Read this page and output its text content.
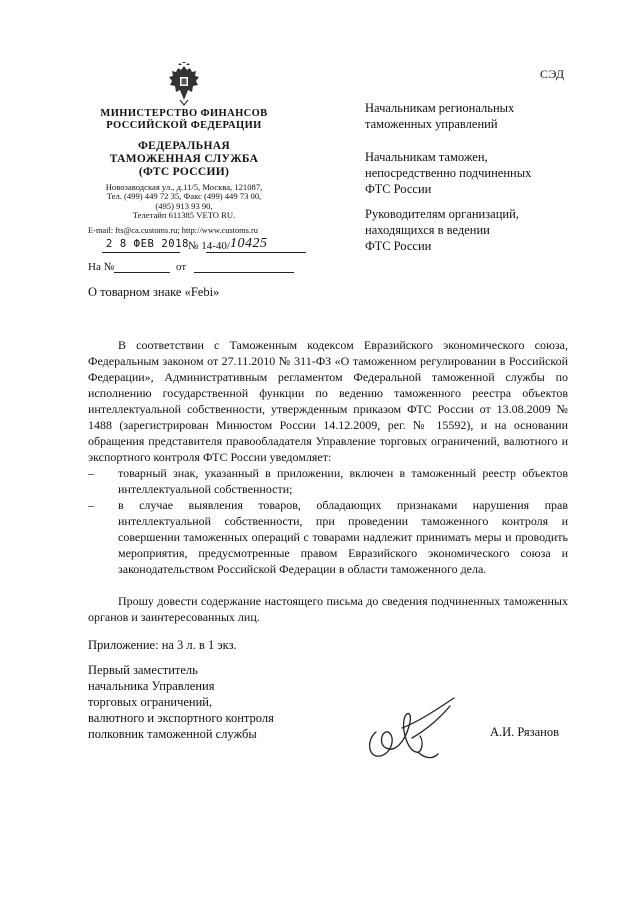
МИНИСТЕРСТВО ФИНАНСОВ
РОССИЙСКОЙ ФЕДЕРАЦИИ
ФЕДЕРАЛЬНАЯ
ТАМОЖЕННАЯ СЛУЖБА
(ФТС РОССИИ)
Новозаводская ул., д.11/5, Москва, 121087,
Тел. (499) 449 72 35, Факс (499) 449 73 00,
(495) 913 93 90,
Телетайп 611385 VETO RU.
E-mail: fts@ca.customs.ru; http://www.customs.ru
2 8 ФЕВ 2018
№ 14-40/10425
На №	от
О товарном знаке «Febi»
СЭД
Начальникам региональных
таможенных управлений
Начальникам таможен,
непосредственно подчиненных
ФТС России
Руководителям организаций,
находящихся в ведении
ФТС России
В соответствии с Таможенным кодексом Евразийского экономического союза, Федеральным законом от 27.11.2010 № 311-ФЗ «О таможенном регулировании в Российской Федерации», Административным регламентом Федеральной таможенной службы по исполнению государственной функции по ведению таможенного реестра объектов интеллектуальной собственности, утвержденным приказом ФТС России от 13.08.2009 № 1488 (зарегистрирован Минюстом России 14.12.2009, рег. № 15592), и на основании обращения представителя правообладателя Управление торговых ограничений, валютного и экспортного контроля ФТС России уведомляет:
– товарный знак, указанный в приложении, включен в таможенный реестр объектов интеллектуальной собственности;
– в случае выявления товаров, обладающих признаками нарушения прав интеллектуальной собственности, при проведении таможенного контроля и совершении таможенных операций с товарами надлежит принимать меры и проводить мероприятия, предусмотренные правом Евразийского экономического союза и законодательством Российской Федерации в области таможенного дела.
Прошу довести содержание настоящего письма до сведения подчиненных таможенных органов и заинтересованных лиц.
Приложение: на 3 л. в 1 экз.
Первый заместитель
начальника Управления
торговых ограничений,
валютного и экспортного контроля
полковник таможенной службы	А.И. Рязанов
